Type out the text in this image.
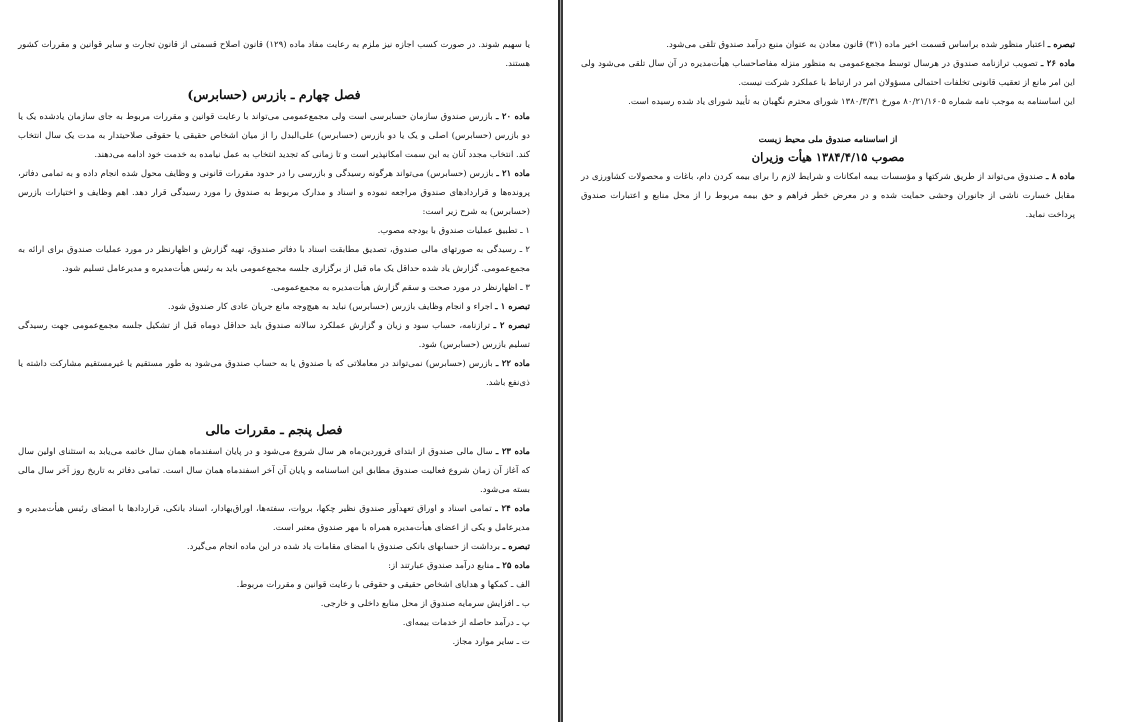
یا سهیم شوند. در صورت کسب اجازه نیز ملزم به رعایت مفاد ماده (۱۲۹) قانون اصلاح قسمتی از قانون تجارت و سایر قوانین و مقررات کشور هستند.

فصل چهارم ـ بازرس (حسابرس)

ماده ۲۰ ـ بازرس صندوق سازمان حسابرسی است ولی مجمع‌عمومی می‌تواند با رعایت قوانین و مقررات مربوط به جای سازمان یادشده یک یا دو بازرس (حسابرس) اصلی و یک یا دو بازرس (حسابرس) علی‌البدل را از میان اشخاص حقیقی یا حقوقی صلاحیتدار به مدت یک سال انتخاب کند. انتخاب مجدد آنان به این سمت امکانپذیر است و تا زمانی که تجدید انتخاب به عمل نیامده به خدمت خود ادامه می‌دهند.

ماده ۲۱ ـ بازرس (حسابرس) می‌تواند هرگونه رسیدگی و بازرسی را در حدود مقررات قانونی و وظایف محول شده انجام داده و به تمامی دفاتر، پرونده‌ها و قراردادهای صندوق مراجعه نموده و اسناد و مدارک مربوط به صندوق را مورد رسیدگی قرار دهد. اهم وظایف و اختیارات بازرس (حسابرس) به شرح زیر است:

۱ ـ تطبیق عملیات صندوق با بودجه مصوب.

۲ ـ رسیدگی به صورتهای مالی صندوق، تصدیق مطابقت اسناد با دفاتر صندوق، تهیه گزارش و اظهارنظر در مورد عملیات صندوق برای ارائه به مجمع‌عمومی. گزارش یاد شده حداقل یک ماه قبل از برگزاری جلسه مجمع‌عمومی باید به رئیس هیأت‌مدیره و مدیرعامل تسلیم شود.

۳ ـ اظهارنظر در مورد صحت و سقم گزارش هیأت‌مدیره به مجمع‌عمومی.

تبصره ۱ ـ اجراء و انجام وظایف بازرس (حسابرس) نباید به هیچ‌وجه مانع جریان عادی کار صندوق شود.

تبصره ۲ ـ ترازنامه، حساب سود و زیان و گزارش عملکرد سالانه صندوق باید حداقل دوماه قبل از تشکیل جلسه مجمع‌عمومی جهت رسیدگی تسلیم بازرس (حسابرس) شود.

ماده ۲۲ ـ بازرس (حسابرس) نمی‌تواند در معاملاتی که با صندوق یا به حساب صندوق می‌شود به طور مستقیم یا غیرمستقیم مشارکت داشته یا ذی‌نفع باشد.

فصل پنجم ـ مقررات مالی

ماده ۲۳ ـ سال مالی صندوق از ابتدای فروردین‌ماه هر سال شروع می‌شود و در پایان اسفندماه همان سال خاتمه می‌یابد به استثنای اولین سال که آغاز آن زمان شروع فعالیت صندوق مطابق این اساسنامه و پایان آن آخر اسفندماه همان سال است. تمامی دفاتر به تاریخ روز آخر سال مالی بسته می‌شود.

ماده ۲۴ ـ تمامی اسناد و اوراق تعهدآور صندوق نظیر چکها، بروات، سفته‌ها، اوراق‌بهادار، اسناد بانکی، قراردادها با امضای رئیس هیأت‌مدیره و مدیرعامل و یکی از اعضای هیأت‌مدیره همراه با مهر صندوق معتبر است.

تبصره ـ برداشت از حسابهای بانکی صندوق با امضای مقامات یاد شده در این ماده انجام می‌گیرد.

ماده ۲۵ ـ منابع درآمد صندوق عبارتند از:

الف ـ کمکها و هدایای اشخاص حقیقی و حقوقی با رعایت قوانین و مقررات مربوط.

ب ـ افزایش سرمایه صندوق از محل منابع داخلی و خارجی.

پ ـ درآمد حاصله از خدمات بیمه‌ای.

ت ـ سایر موارد مجاز.

تبصره ـ اعتبار منظور شده براساس قسمت اخیر ماده (۳۱) قانون معادن به عنوان منبع درآمد صندوق تلقی می‌شود.

ماده ۲۶ ـ تصویب ترازنامه صندوق در هرسال توسط مجمع‌عمومی به منظور منزله مفاصاحساب هیأت‌مدیره در آن سال تلقی می‌شود ولی این امر مانع از تعقیب قانونی تخلفات احتمالی مسؤولان امر در ارتباط با عملکرد شرکت نیست.

این اساسنامه به موجب نامه شماره ۸۰/۲۱/۱۶۰۵ مورخ ۱۳۸۰/۳/۳۱ شورای محترم نگهبان به تأیید شورای یاد شده رسیده است.

از اساسنامه صندوق ملی محیط زیست
مصوب ۱۳۸۴/۴/۱۵ هیأت وزیران

ماده ۸ ـ صندوق می‌تواند از طریق شرکتها و مؤسسات بیمه امکانات و شرایط لازم را برای بیمه کردن دام، باغات و محصولات کشاورزی در مقابل خسارت ناشی از جانوران وحشی حمایت شده و در معرض خطر فراهم و حق بیمه مربوط را از محل منابع و اعتبارات صندوق پرداخت نماید.
